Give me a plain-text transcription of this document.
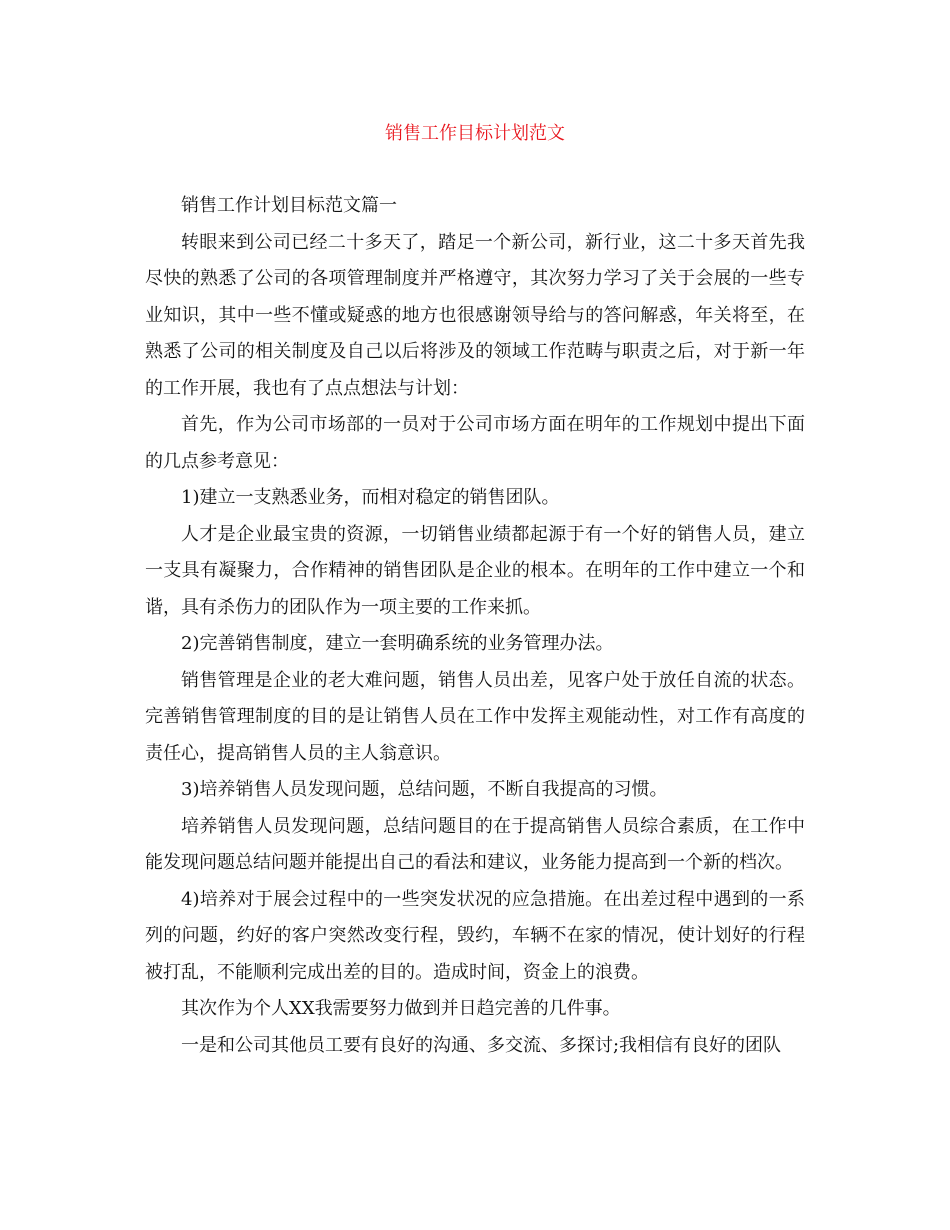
销售工作目标计划范文

销售工作计划目标范文篇一

转眼来到公司已经二十多天了，踏足一个新公司，新行业，这二十多天首先我尽快的熟悉了公司的各项管理制度并严格遵守，其次努力学习了关于会展的一些专业知识，其中一些不懂或疑惑的地方也很感谢领导给与的答问解惑，年关将至，在熟悉了公司的相关制度及自己以后将涉及的领域工作范畴与职责之后，对于新一年的工作开展，我也有了点点想法与计划：

首先，作为公司市场部的一员对于公司市场方面在明年的工作规划中提出下面的几点参考意见：

1)建立一支熟悉业务，而相对稳定的销售团队。

人才是企业最宝贵的资源，一切销售业绩都起源于有一个好的销售人员，建立一支具有凝聚力，合作精神的销售团队是企业的根本。在明年的工作中建立一个和谐，具有杀伤力的团队作为一项主要的工作来抓。

2)完善销售制度，建立一套明确系统的业务管理办法。

销售管理是企业的老大难问题，销售人员出差，见客户处于放任自流的状态。完善销售管理制度的目的是让销售人员在工作中发挥主观能动性，对工作有高度的责任心，提高销售人员的主人翁意识。

3)培养销售人员发现问题，总结问题，不断自我提高的习惯。

培养销售人员发现问题，总结问题目的在于提高销售人员综合素质，在工作中能发现问题总结问题并能提出自己的看法和建议，业务能力提高到一个新的档次。

4)培养对于展会过程中的一些突发状况的应急措施。在出差过程中遇到的一系列的问题，约好的客户突然改变行程，毁约，车辆不在家的情况，使计划好的行程被打乱，不能顺利完成出差的目的。造成时间，资金上的浪费。

其次作为个人XX我需要努力做到并日趋完善的几件事。

一是和公司其他员工要有良好的沟通、多交流、多探讨;我相信有良好的团队
